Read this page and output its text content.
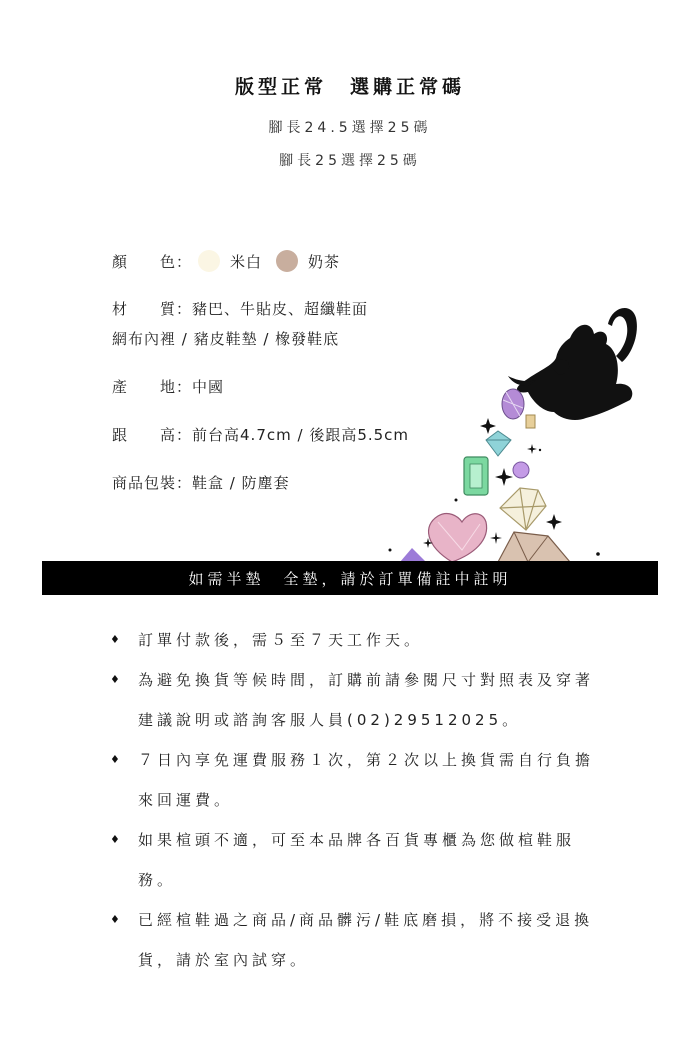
版型正常　選購正常碼
腳長24.5選擇25碼
腳長25選擇25碼
顏　　色：	米白	奶茶
材　　質：豬巴、牛貼皮、超纖鞋面
網布內裡 / 豬皮鞋墊 / 橡發鞋底
產　　地：中國
跟　　高：前台高4.7cm / 後跟高5.5cm
商品包裝：鞋盒 / 防塵套
如需半墊　全墊，請於訂單備註中註明
♦ 訂單付款後，需５至７天工作天。
♦ 為避免換貨等候時間，訂購前請參閱尺寸對照表及穿著建議說明或諮詢客服人員(02)29512025。
♦ ７日內享免運費服務１次，第２次以上換貨需自行負擔來回運費。
♦ 如果楦頭不適，可至本品牌各百貨專櫃為您做楦鞋服務。
♦ 已經楦鞋過之商品/商品髒污/鞋底磨損，將不接受退換貨，請於室內試穿。
